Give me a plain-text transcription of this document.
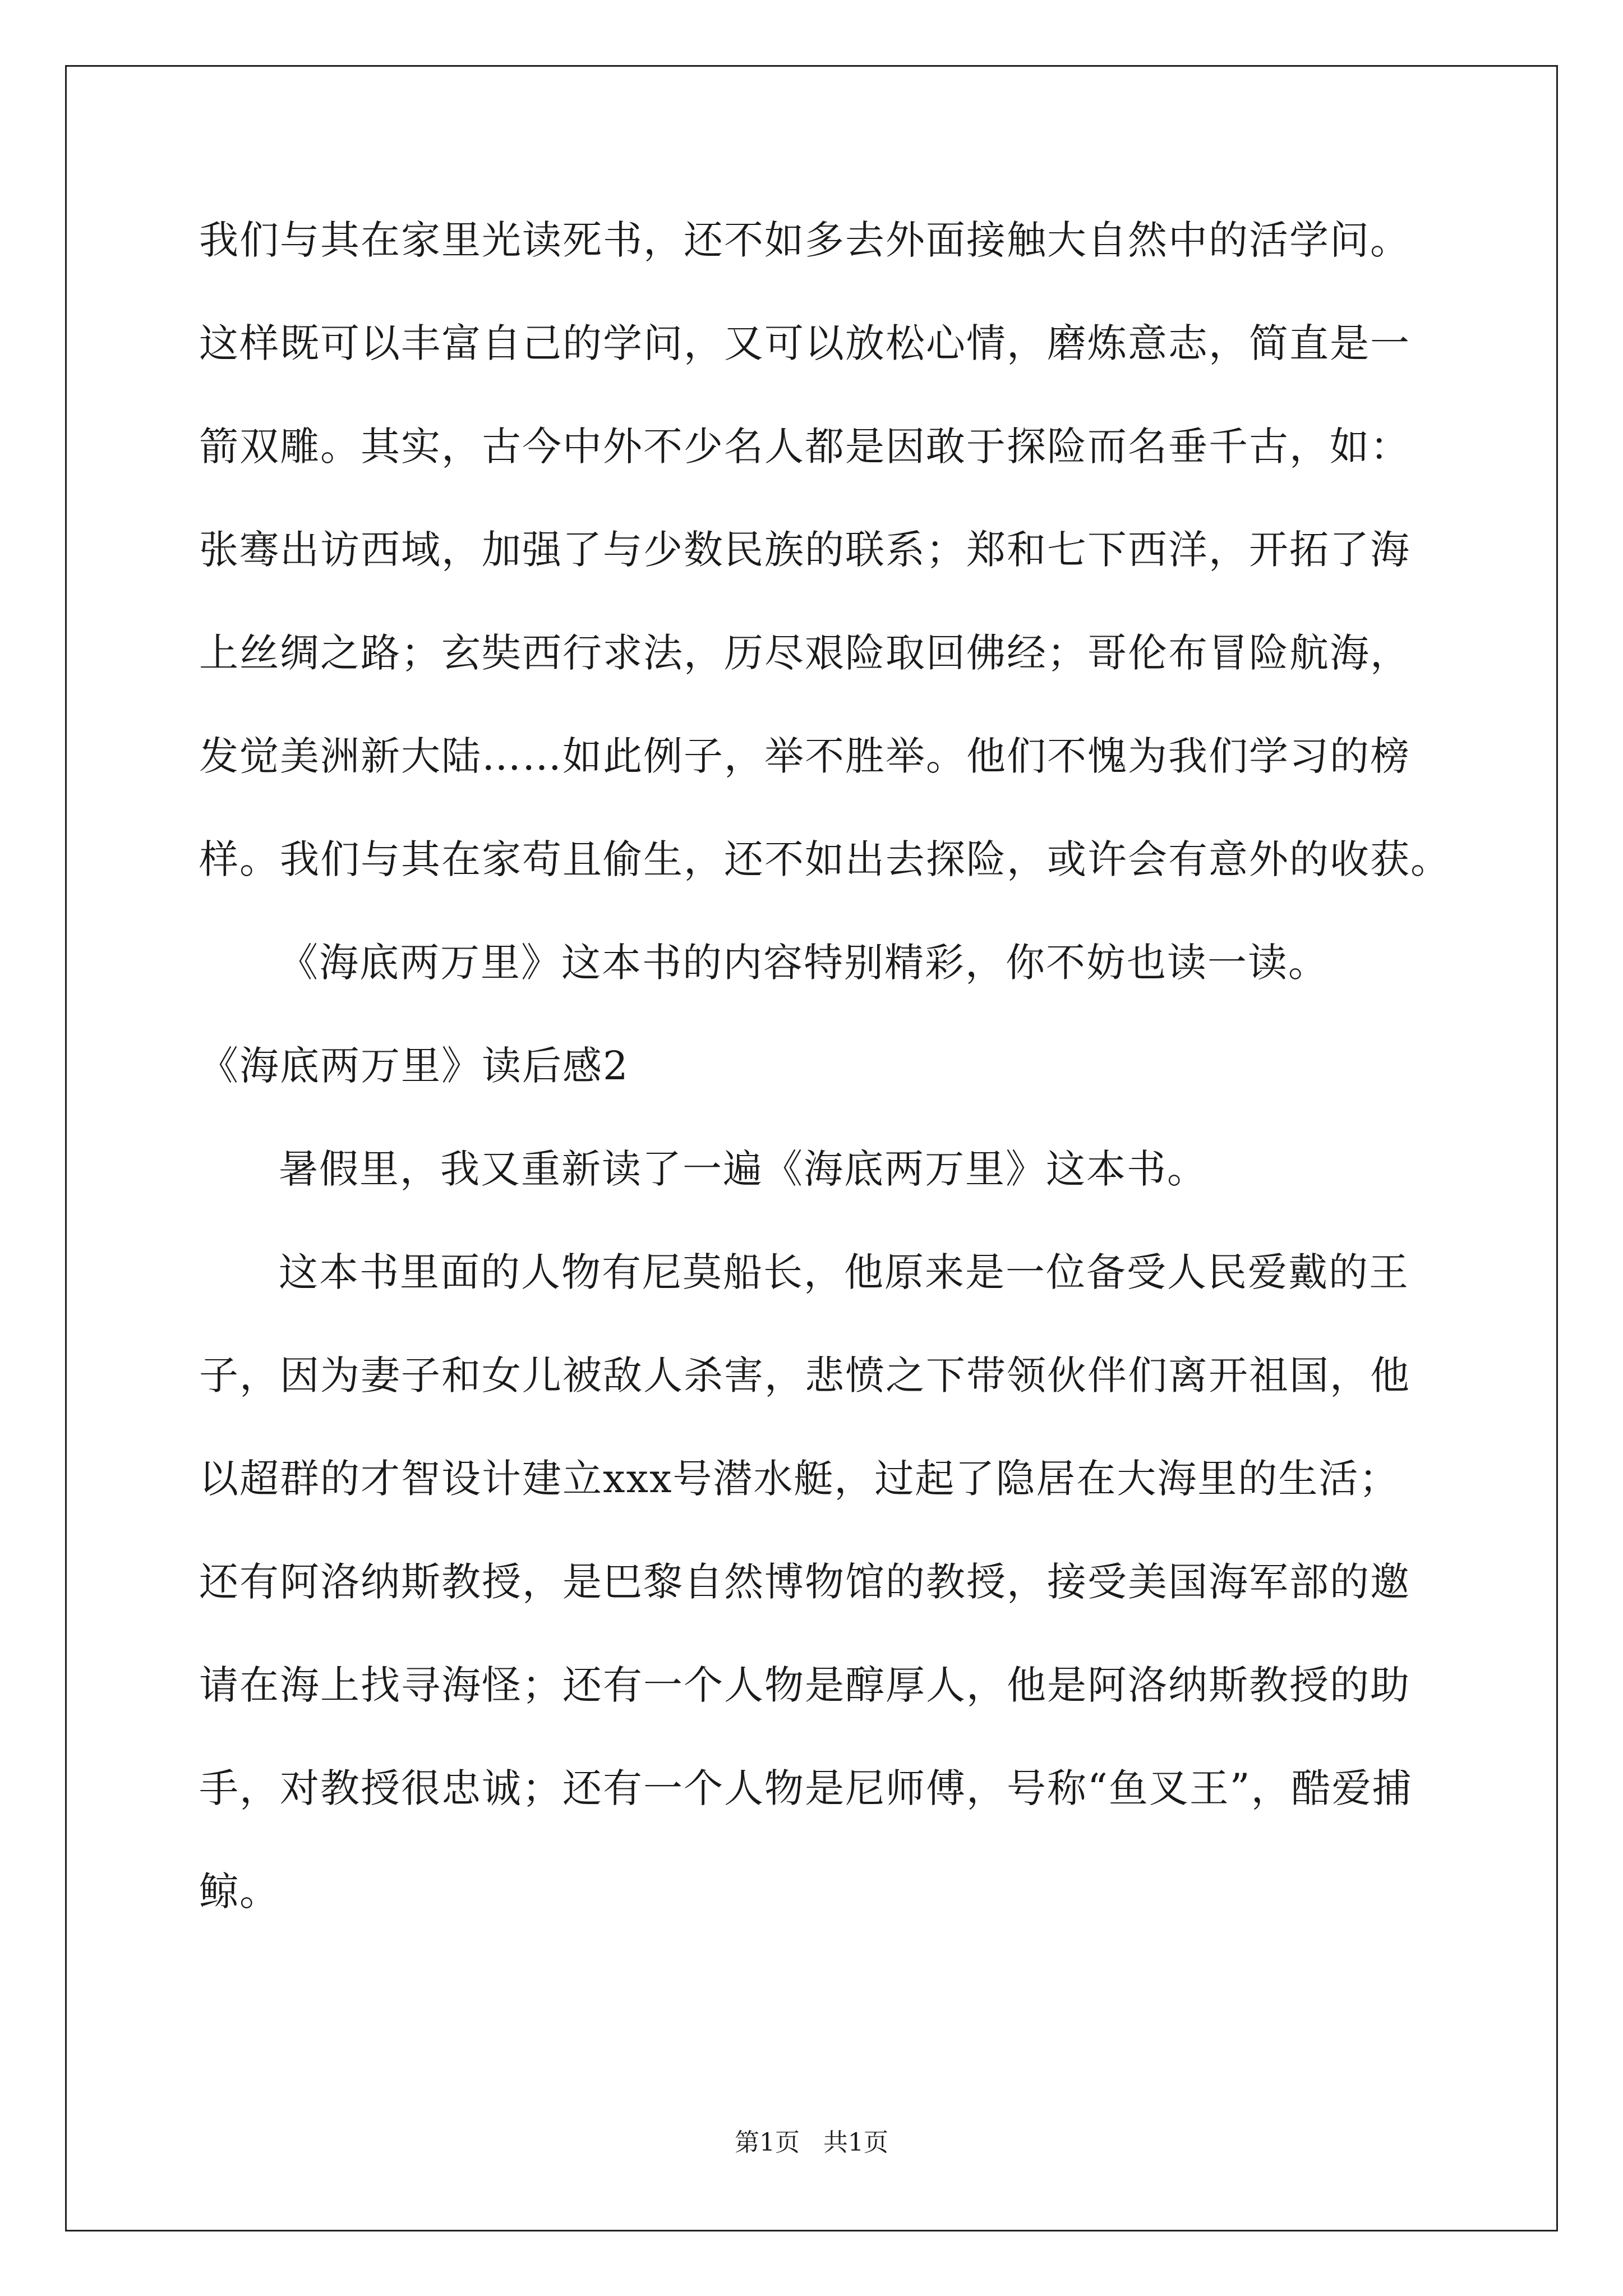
我们与其在家里光读死书，还不如多去外面接触大自然中的活学问。
这样既可以丰富自己的学问，又可以放松心情，磨炼意志，简直是一
箭双雕。其实，古今中外不少名人都是因敢于探险而名垂千古，如：
张骞出访西域，加强了与少数民族的联系；郑和七下西洋，开拓了海
上丝绸之路；玄奘西行求法，历尽艰险取回佛经；哥伦布冒险航海，
发觉美洲新大陆……如此例子，举不胜举。他们不愧为我们学习的榜
样。我们与其在家苟且偷生，还不如出去探险，或许会有意外的收获。
《海底两万里》这本书的内容特别精彩，你不妨也读一读。
《海底两万里》读后感2
暑假里，我又重新读了一遍《海底两万里》这本书。
这本书里面的人物有尼莫船长，他原来是一位备受人民爱戴的王
子，因为妻子和女儿被敌人杀害，悲愤之下带领伙伴们离开祖国，他
以超群的才智设计建立xxx号潜水艇，过起了隐居在大海里的生活；
还有阿洛纳斯教授，是巴黎自然博物馆的教授，接受美国海军部的邀
请在海上找寻海怪；还有一个人物是醇厚人，他是阿洛纳斯教授的助
手，对教授很忠诚；还有一个人物是尼师傅，号称“鱼叉王”，酷爱捕
鲸。
第1页   共1页
